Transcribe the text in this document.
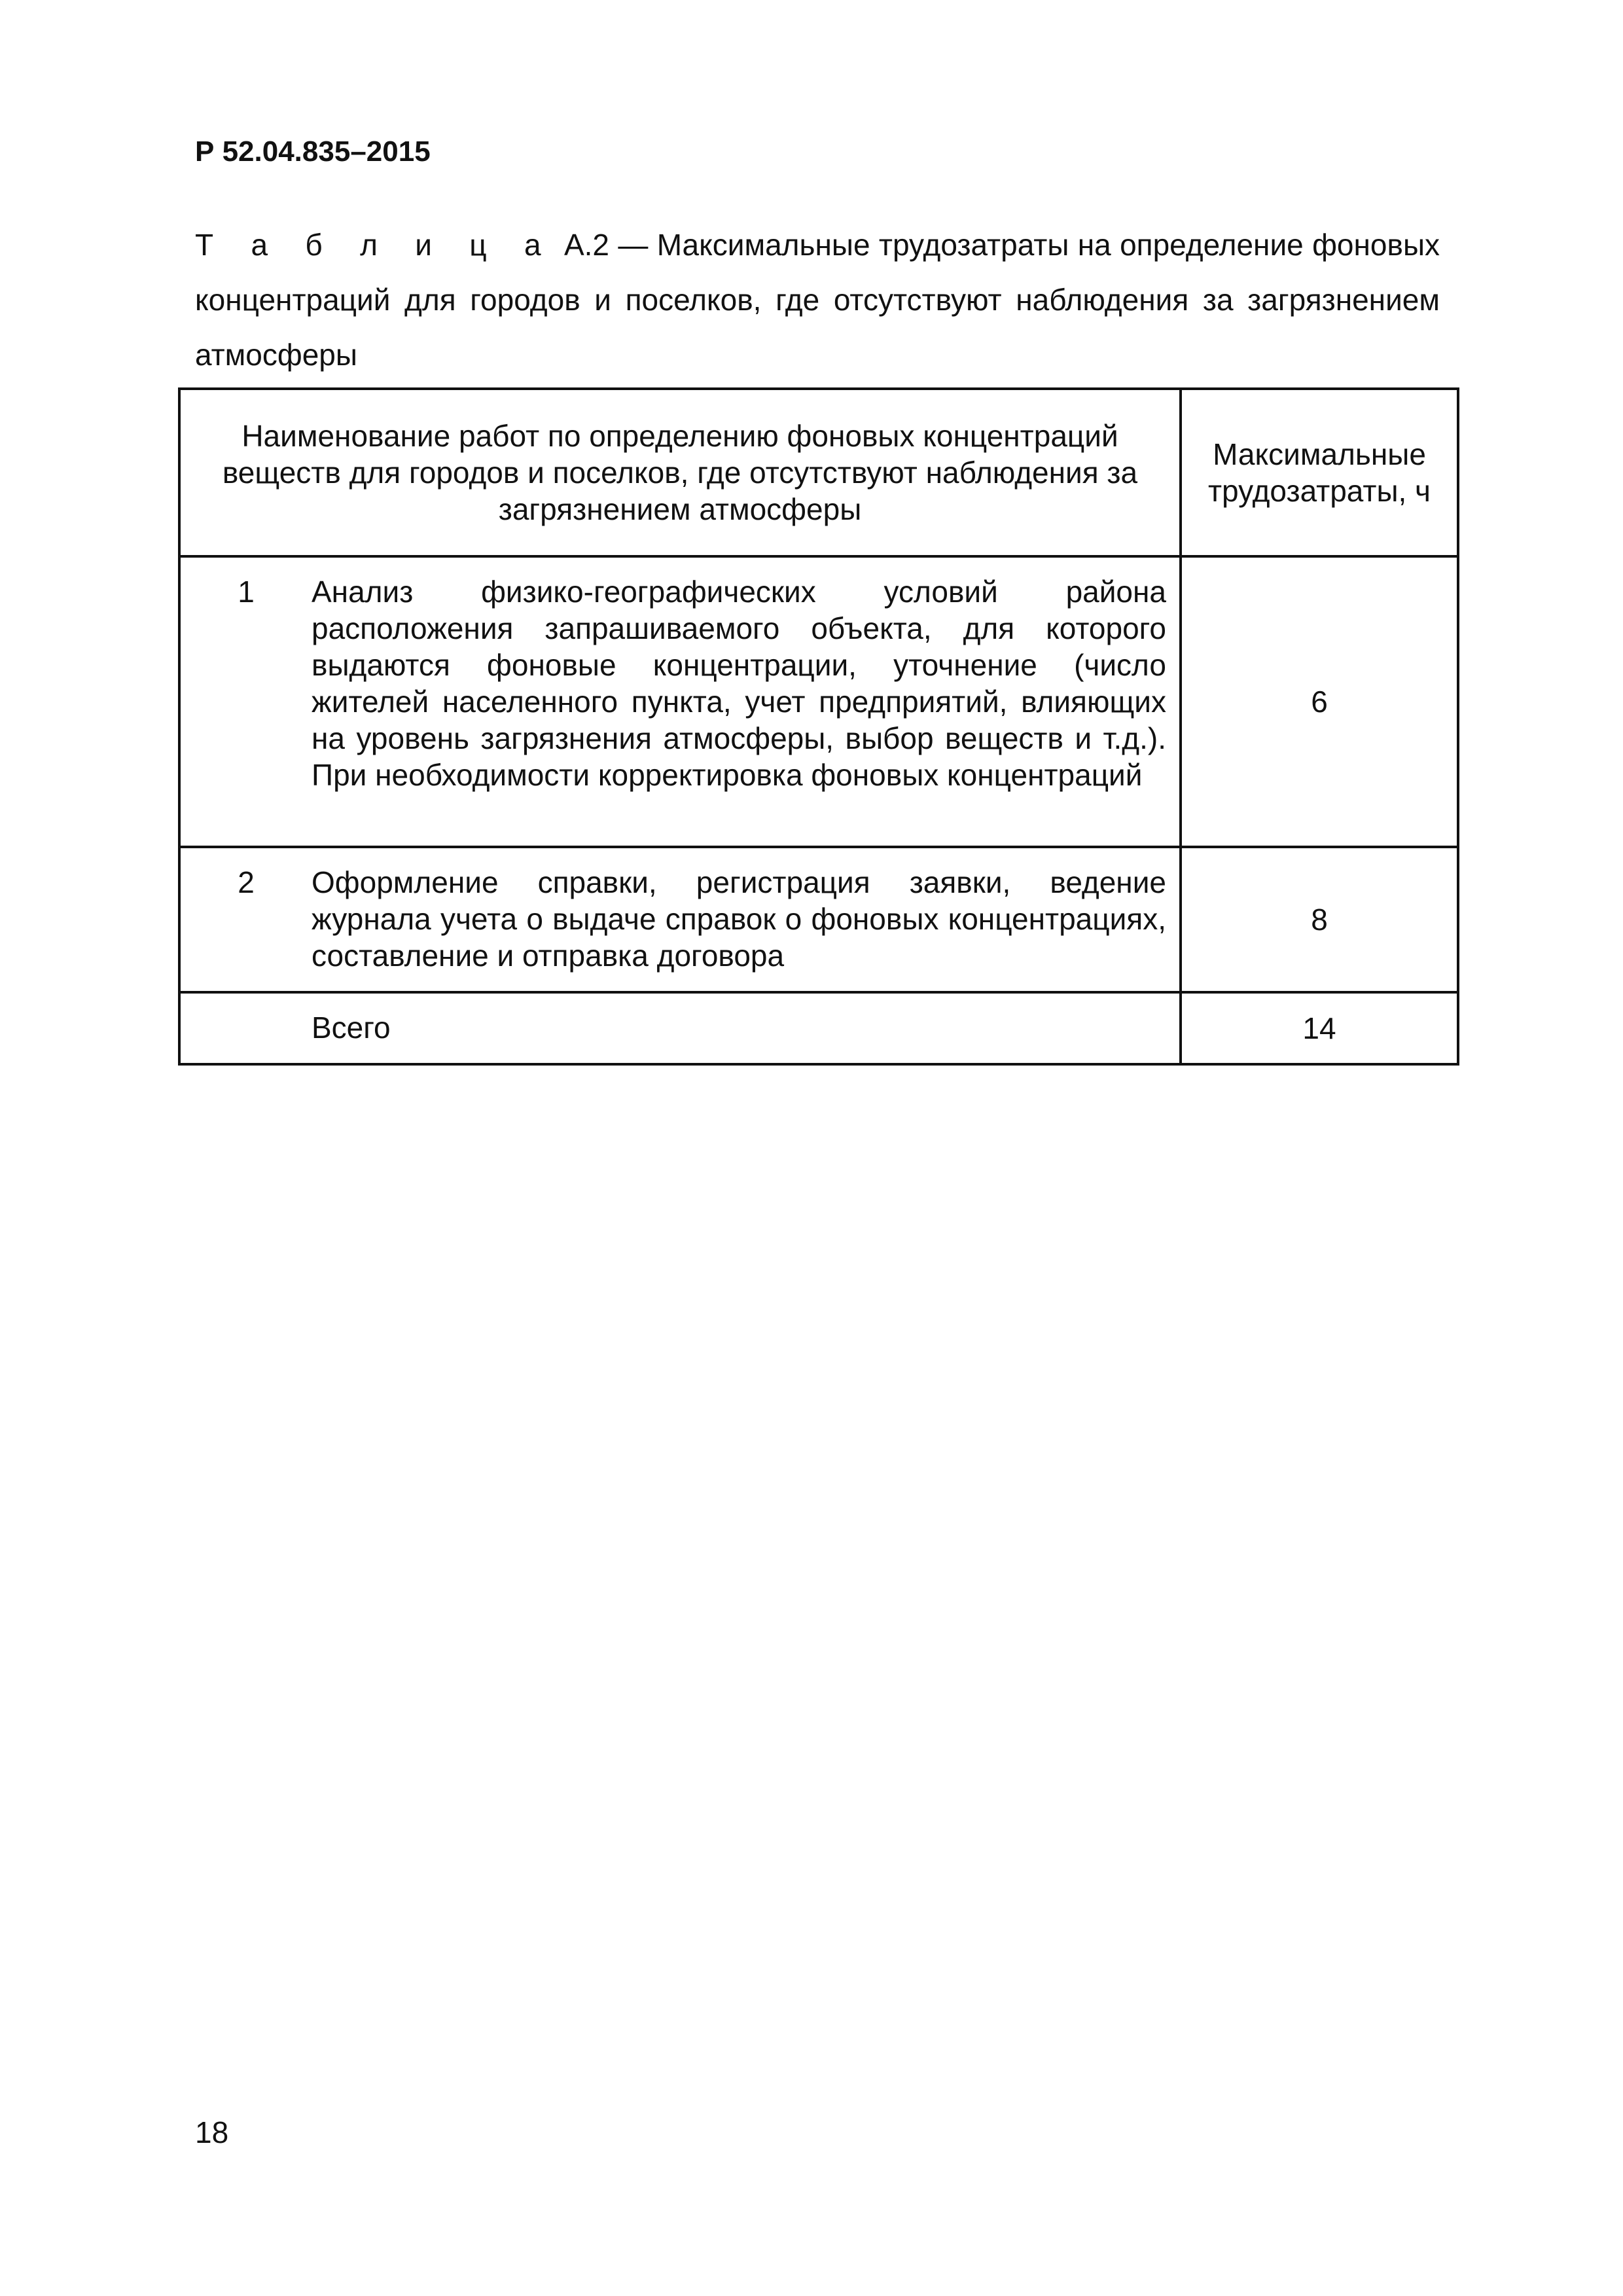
Р 52.04.835–2015
Т а б л и ц а А.2 — Максимальные трудозатраты на определение фоновых концентраций для городов и поселков, где отсутствуют наблюдения за загрязнением атмосферы
Наименование работ по определению фоновых концентраций веществ для городов и поселков, где отсутствуют наблюдения за загрязнением атмосферы	Максимальные трудозатраты, ч

1 Анализ физико-географических условий района расположения запрашиваемого объекта, для которого выдаются фоновые концентрации, уточнение (число жителей населенного пункта, учет предприятий, влияющих на уровень загрязнения атмосферы, выбор веществ и т.д.). При необходимости корректировка фоновых концентраций	6

2 Оформление справки, регистрация заявки, ведение журнала учета о выдаче справок о фоновых концентрациях, составление и отправка договора	8

Всего	14
18
